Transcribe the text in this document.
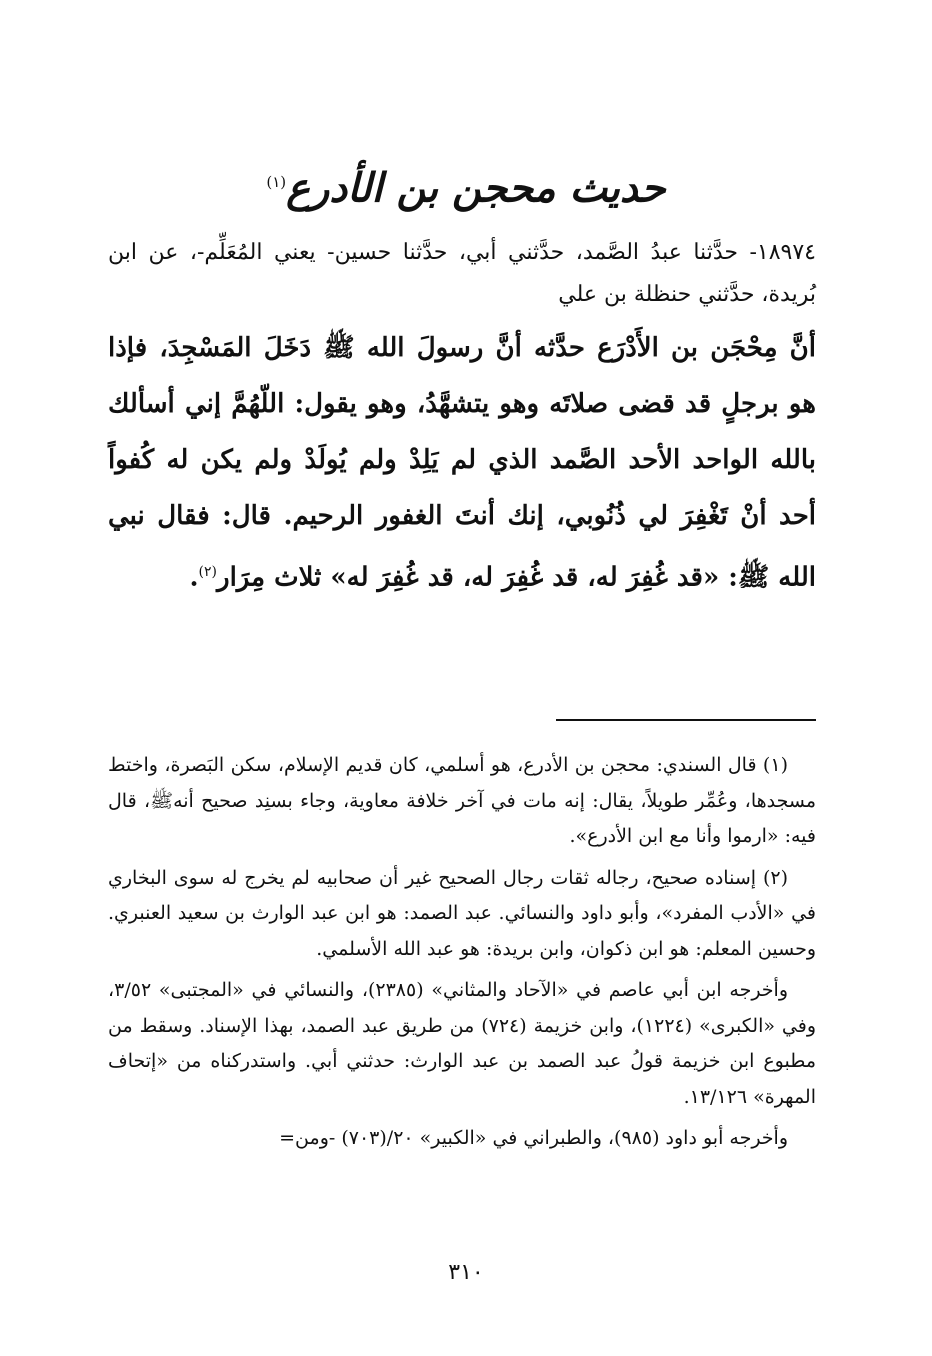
حديث محجن بن الأدرع$^{(١)}$
١٨٩٧٤- حدَّثنا عبدُ الصَّمد، حدَّثني أبي، حدَّثنا حسين- يعني المُعَلِّم-، عن ابن بُريدة، حدَّثني حنظلة بن علي
أنَّ مِحْجَن بن الأَدْرَع حدَّثه أنَّ رسولَ الله ﷺ دَخَلَ المَسْجِدَ، فإذا هو برجلٍ قد قضى صلاتَه وهو يتشهَّدُ، وهو يقول: اللّهُمَّ إني أسألك بالله الواحد الأحد الصَّمد الذي لم يَلِدْ ولم يُولَدْ ولم يكن له كُفواً أحد أنْ تَغْفِرَ لي ذُنُوبي، إنك أنتَ الغفور الرحيم. قال: فقال نبي الله ﷺ: «قد غُفِرَ له، قد غُفِرَ له، قد غُفِرَ له» ثلاث مِرَار$^{(٢)}$.

(١) قال السندي: محجن بن الأدرع، هو أسلمي، كان قديم الإسلام، سكن البَصرة، واختط مسجدها، وعُمِّر طويلاً، يقال: إنه مات في آخر خلافة معاوية، وجاء بسنِد صحيح أنهﷺ، قال فيه: «ارموا وأنا مع ابن الأدرع».

(٢) إسناده صحيح، رجاله ثقات رجال الصحيح غير أن صحابيه لم يخرج له سوى البخاري في «الأدب المفرد»، وأبو داود والنسائي. عبد الصمد: هو ابن عبد الوارث بن سعيد العنبري. وحسين المعلم: هو ابن ذكوان، وابن بريدة: هو عبد الله الأسلمي.

وأخرجه ابن أبي عاصم في «الآحاد والمثاني» (٢٣٨٥)، والنسائي في «المجتبى» ٣/٥٢، وفي «الكبرى» (١٢٢٤)، وابن خزيمة (٧٢٤) من طريق عبد الصمد، بهذا الإسناد. وسقط من مطبوع ابن خزيمة قولُ عبد الصمد بن عبد الوارث: حدثني أبي. واستدركناه من «إتحاف المهرة» ١٣/١٢٦.

وأخرجه أبو داود (٩٨٥)، والطبراني في «الكبير» ٢٠/(٧٠٣) -ومن=

٣١٠
